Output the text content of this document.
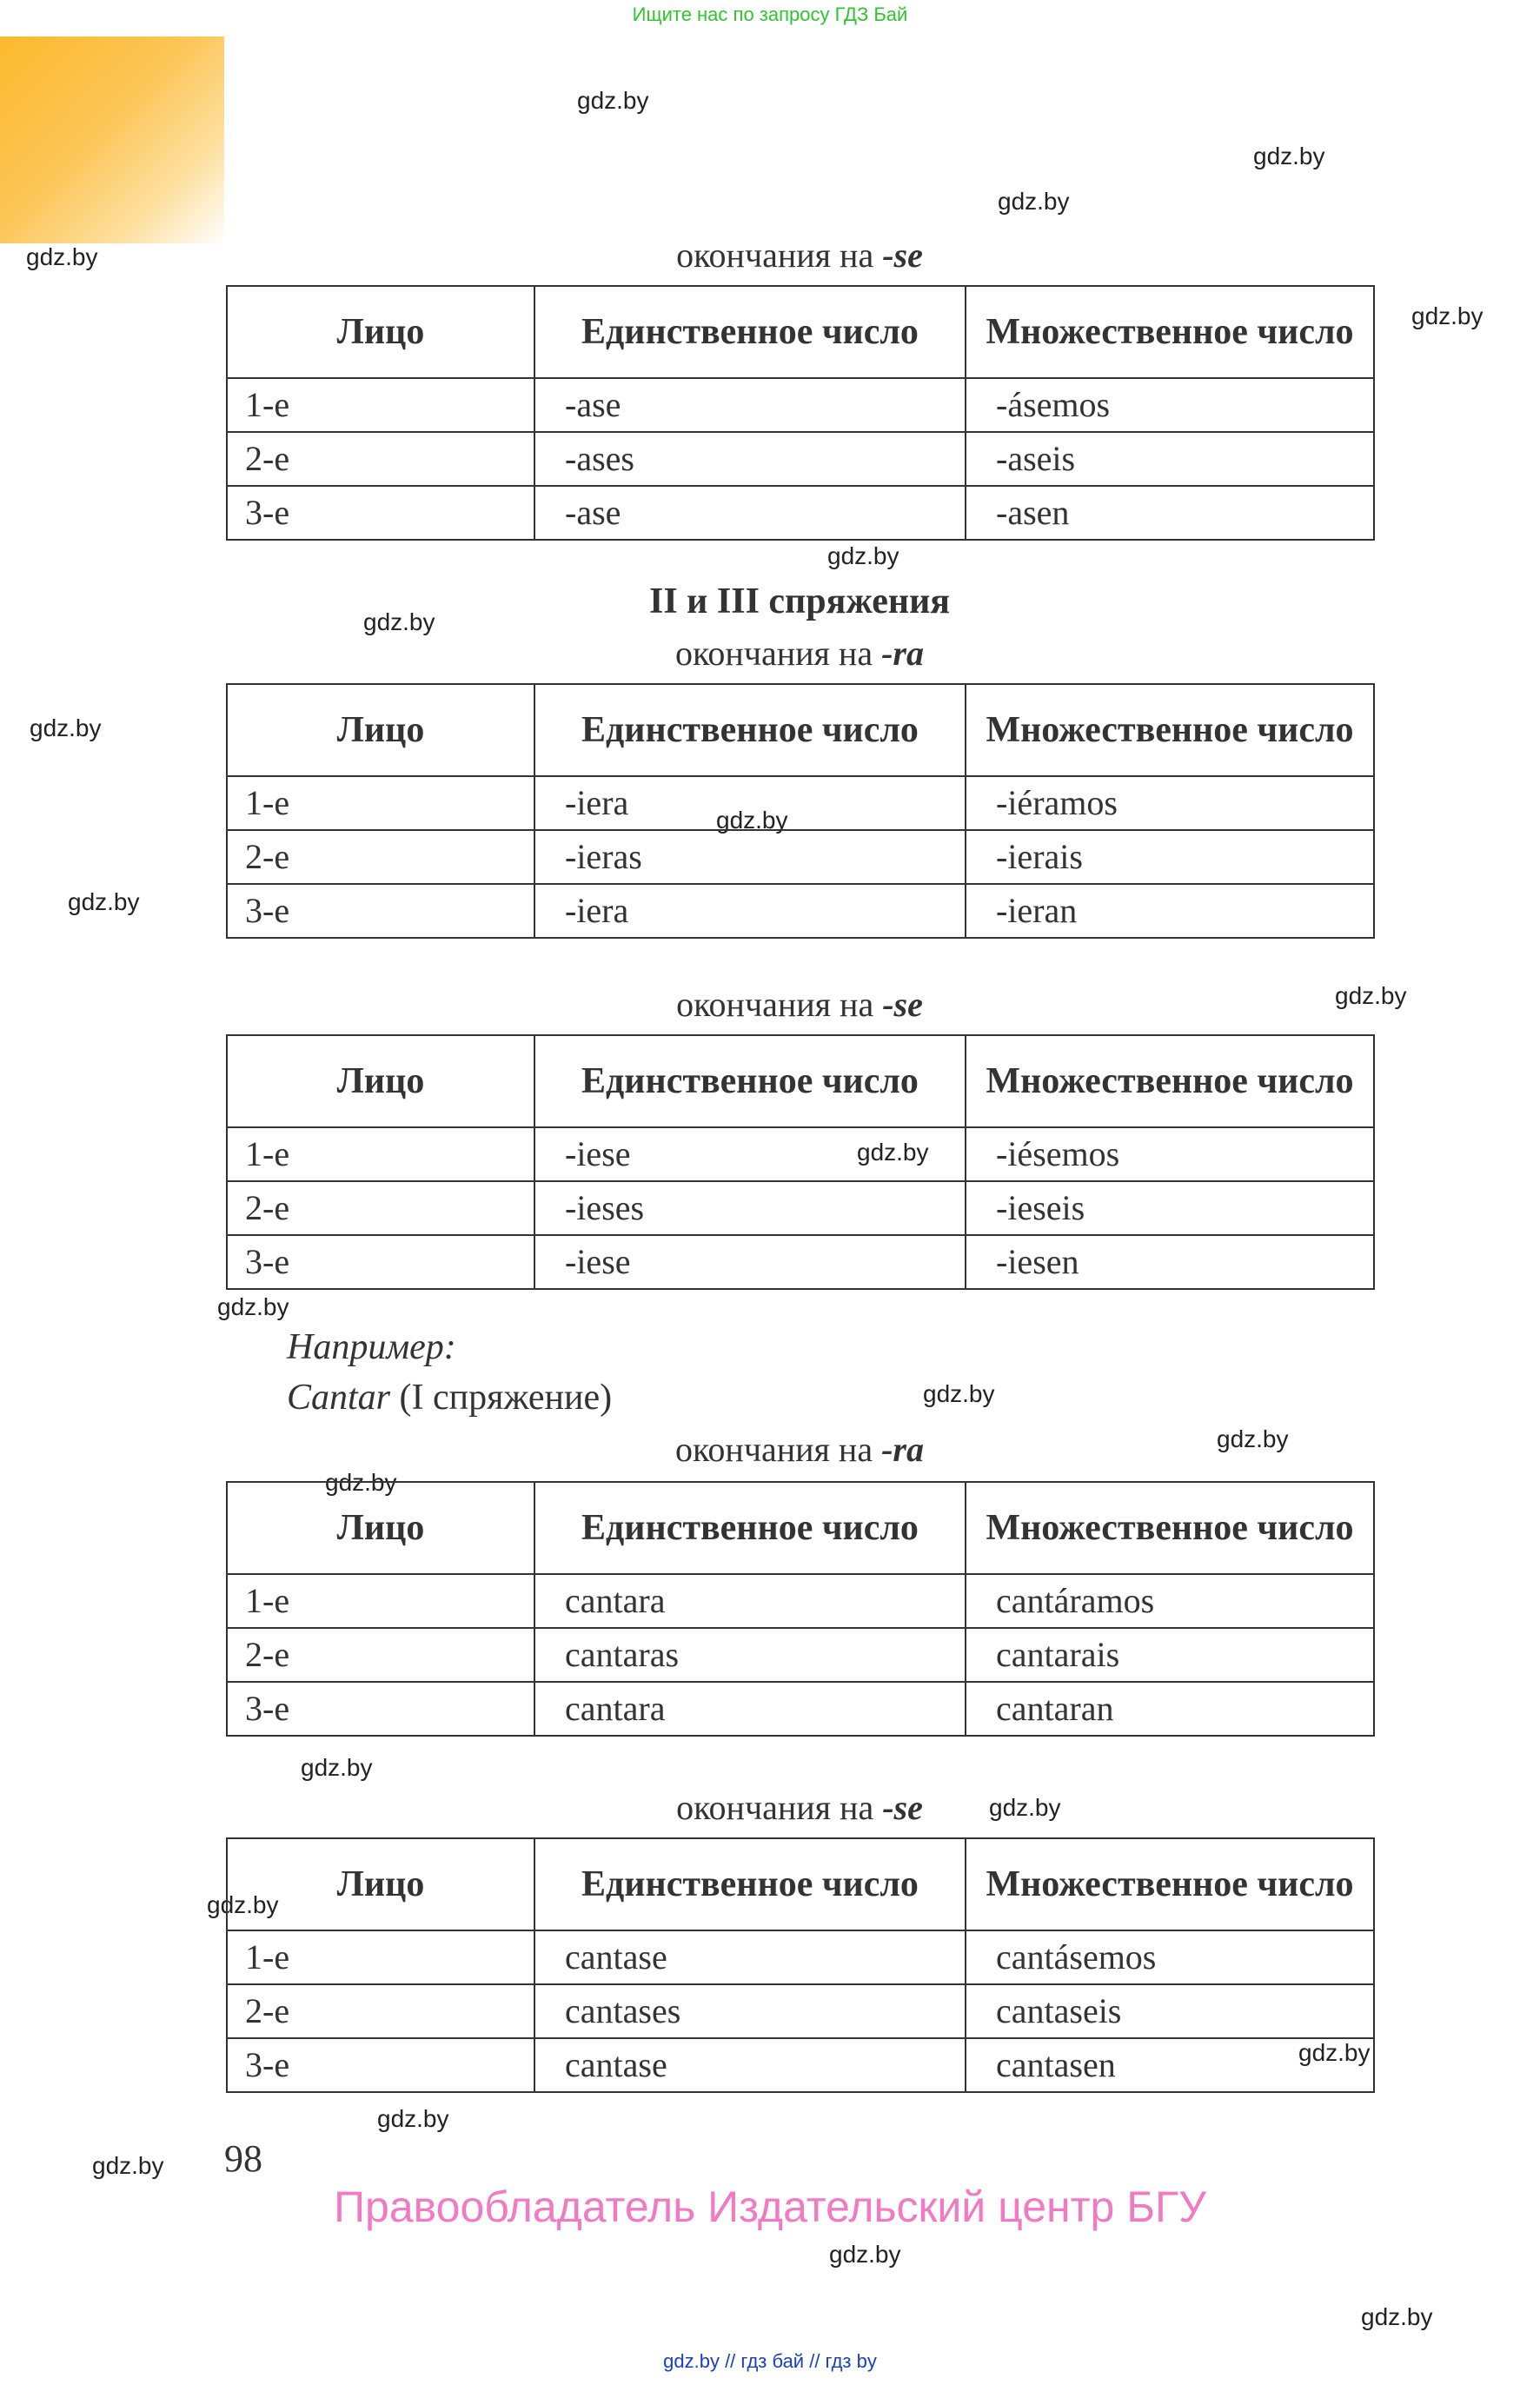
Ищите нас по запросу ГДЗ Бай
gdz.by
gdz.by
gdz.by
gdz.by
gdz.by
gdz.by
gdz.by
gdz.by
gdz.by
gdz.by
gdz.by
gdz.by
gdz.by
gdz.by
gdz.by
gdz.by
gdz.by
gdz.by
gdz.by
gdz.by
gdz.by
gdz.by
gdz.by
gdz.by
окончания на -se
Лицо	Единственное число	Множественное число
1-е	-ase	-ásemos
2-е	-ases	-aseis
3-е	-ase	-asen
II и III спряжения
окончания на -ra
Лицо	Единственное число	Множественное число
1-е	-iera	-iéramos
2-е	-ieras	-ierais
3-е	-iera	-ieran
окончания на -se
Лицо	Единственное число	Множественное число
1-е	-iese	-iésemos
2-е	-ieses	-ieseis
3-е	-iese	-iesen
Например:
Cantar (I спряжение)
окончания на -ra
Лицо	Единственное число	Множественное число
1-е	cantara	cantáramos
2-е	cantaras	cantarais
3-е	cantara	cantaran
окончания на -se
Лицо	Единственное число	Множественное число
1-е	cantase	cantásemos
2-е	cantases	cantaseis
3-е	cantase	cantasen
98
Правообладатель Издательский центр БГУ
gdz.by // гдз бай // гдз by
